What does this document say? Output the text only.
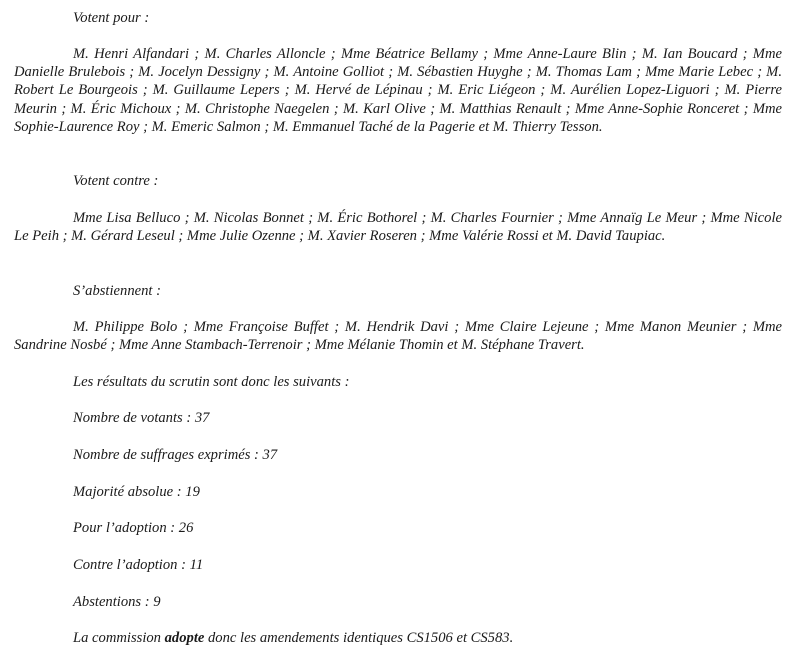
Votent pour :

M. Henri Alfandari ; M. Charles Alloncle ; Mme Béatrice Bellamy ; Mme Anne-Laure Blin ; M. Ian Boucard ; Mme Danielle Brulebois ; M. Jocelyn Dessigny ; M. Antoine Golliot ; M. Sébastien Huyghe ; M. Thomas Lam ; Mme Marie Lebec ; M. Robert Le Bourgeois ; M. Guillaume Lepers ; M. Hervé de Lépinau ; M. Eric Liégeon ; M. Aurélien Lopez-Liguori ; M. Pierre Meurin ; M. Éric Michoux ; M. Christophe Naegelen ; M. Karl Olive ; M. Matthias Renault ; Mme Anne-Sophie Ronceret ; Mme Sophie-Laurence Roy ; M. Emeric Salmon ; M. Emmanuel Taché de la Pagerie et M. Thierry Tesson.

Votent contre :

Mme Lisa Belluco ; M. Nicolas Bonnet ; M. Éric Bothorel ; M. Charles Fournier ; Mme Annaïg Le Meur ; Mme Nicole Le Peih ; M. Gérard Leseul ; Mme Julie Ozenne ; M. Xavier Roseren ; Mme Valérie Rossi et M. David Taupiac.

S’abstiennent :

M. Philippe Bolo ; Mme Françoise Buffet ; M. Hendrik Davi ; Mme Claire Lejeune ; Mme Manon Meunier ; Mme Sandrine Nosbé ; Mme Anne Stambach-Terrenoir ; Mme Mélanie Thomin et M. Stéphane Travert.

Les résultats du scrutin sont donc les suivants :

Nombre de votants : 37

Nombre de suffrages exprimés : 37

Majorité absolue : 19

Pour l’adoption : 26

Contre l’adoption : 11

Abstentions : 9

La commission adopte donc les amendements identiques CS1506 et CS583.
